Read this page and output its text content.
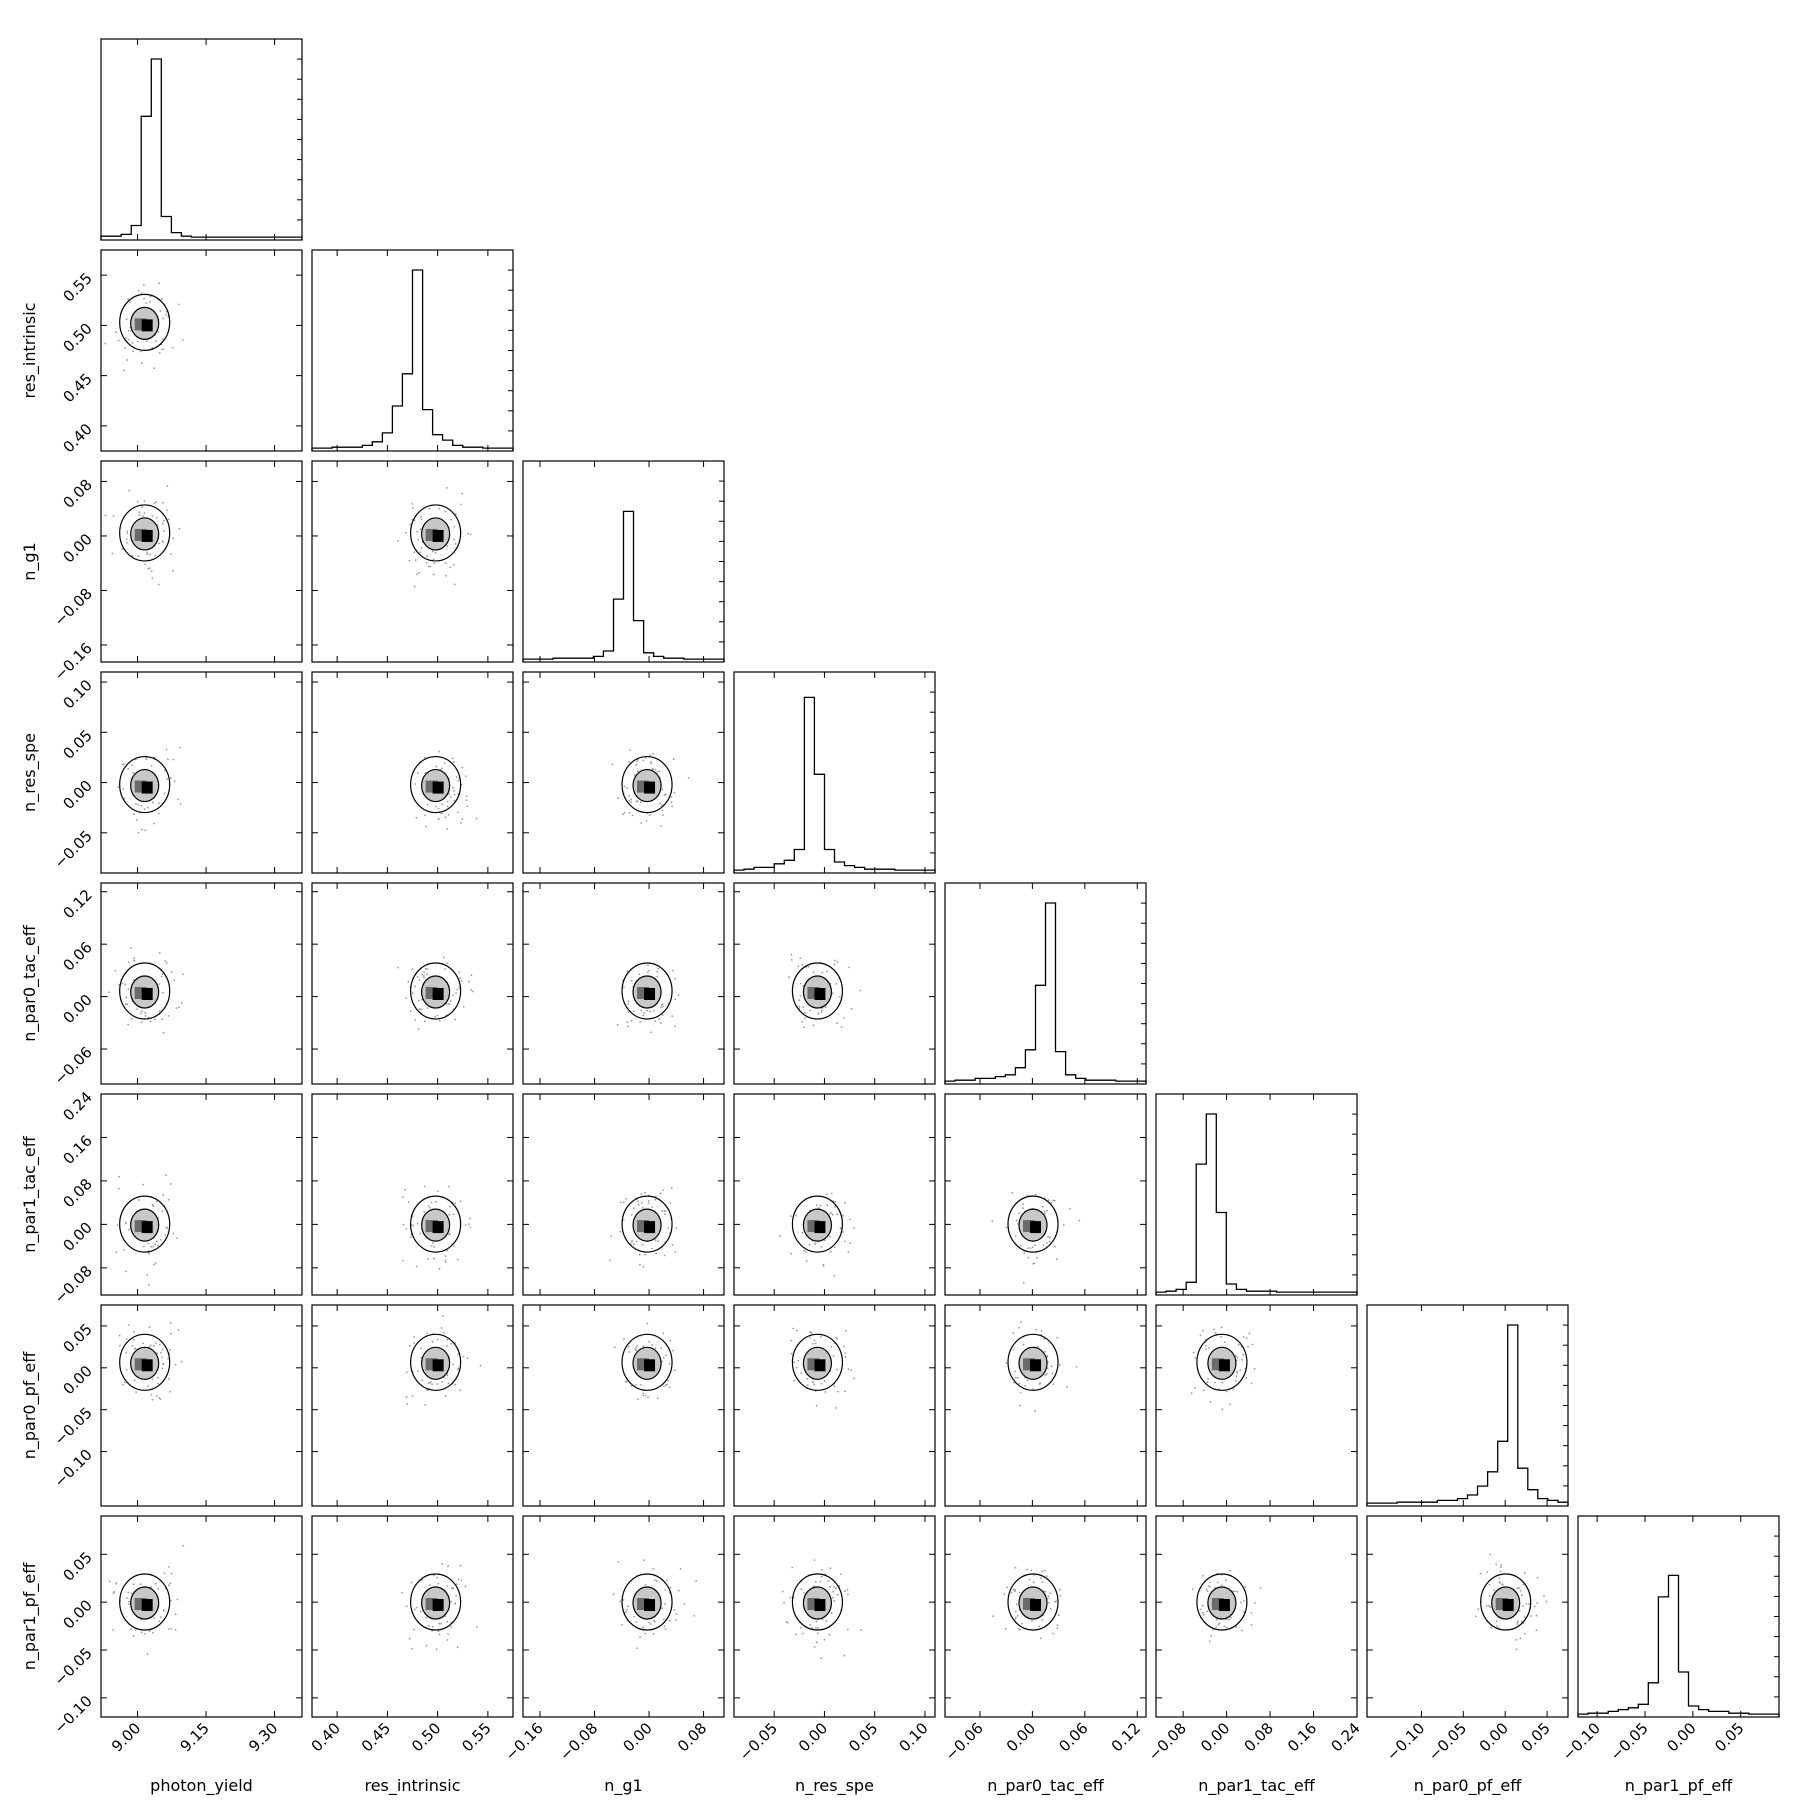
9.00 9.15 9.30
photon_yield
0.40 0.45 0.50 0.55
res_intrinsic
−0.16 −0.08 0.00 0.08
n_g1
−0.05 0.00 0.05 0.10
n_res_spe
−0.06 0.00 0.06 0.12
n_par0_tac_eff
−0.08 0.00 0.08 0.16 0.24
n_par1_tac_eff
−0.10
−0.05 0.00 0.05
n_par0_pf_eff
−0.10 −0.05 0.00 0.05
n_par1_pf_eff
0.40
0.45
0.50
0.55
res_intrinsic
−0.16
−0.08
0.00
0.08
n_g1
−0.05
0.00
0.05
0.10
n_res_spe
−0.06
0.00
0.06
0.12
n_par0_tac_eff
−0.08
0.00
0.08
0.16
0.24
n_par1_tac_eff
−0.10
−0.05
0.00
0.05
n_par0_pf_eff
−0.10
−0.05
0.00
0.05
n_par1_pf_eff
